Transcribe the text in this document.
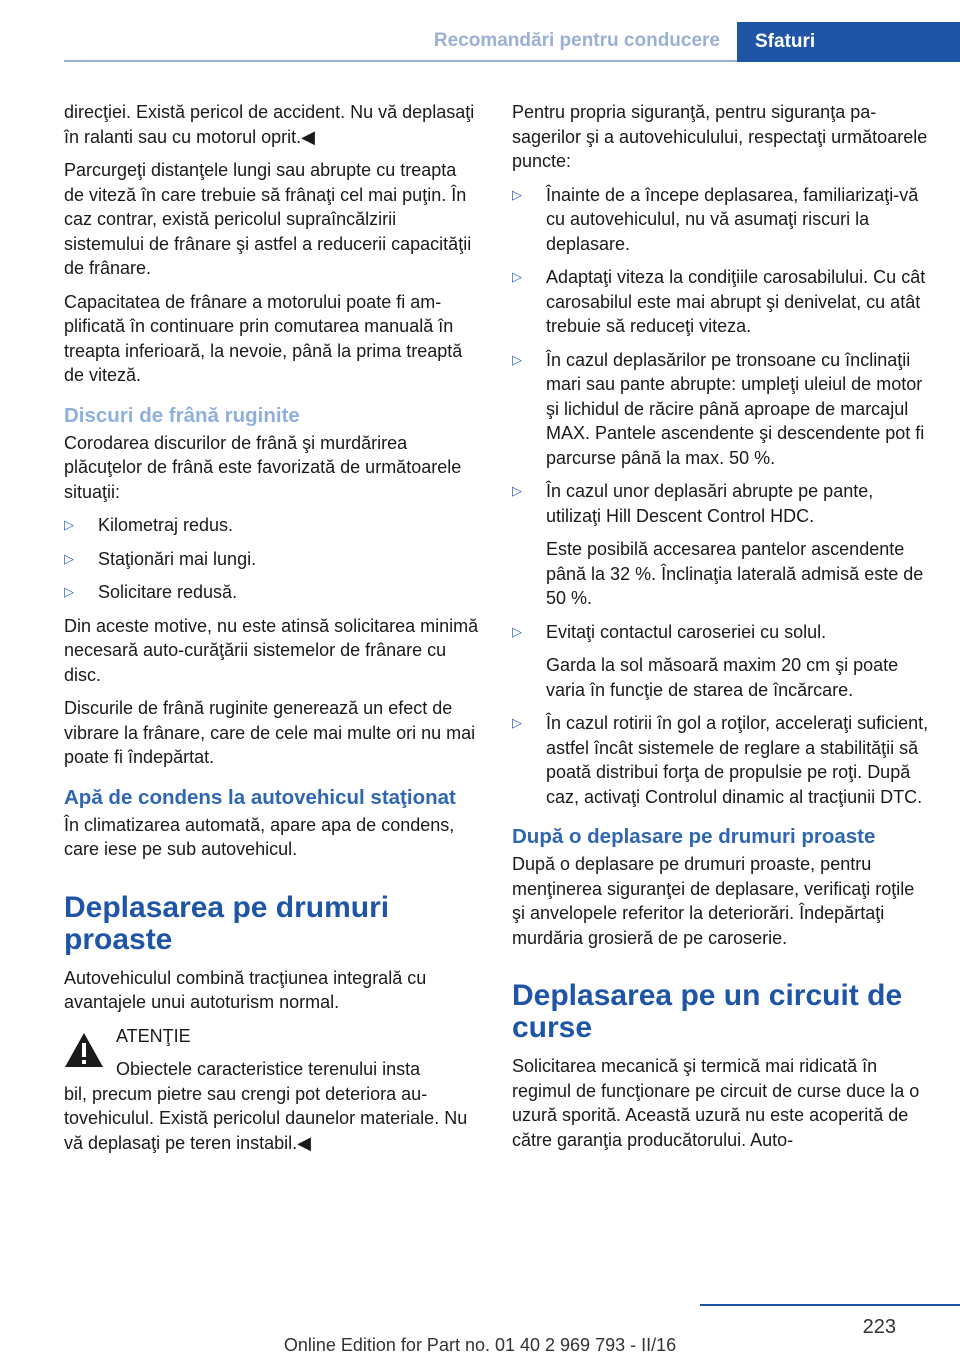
Recomandări pentru conducere	Sfaturi

direcţiei. Există pericol de accident. Nu vă deplasaţi în ralanti sau cu motorul oprit.◀

Parcurgeţi distanţele lungi sau abrupte cu treapta de viteză în care trebuie să frânaţi cel mai puţin. În caz contrar, există pericolul supraîncălzirii sistemului de frânare şi astfel a reducerii capacităţii de frânare.

Capacitatea de frânare a motorului poate fi amplificată în continuare prin comutarea manuală în treapta inferioară, la nevoie, până la prima treaptă de viteză.

Discuri de frână ruginite

Corodarea discurilor de frână şi murdărirea plăcuţelor de frână este favorizată de următoarele situaţii:

▷ Kilometraj redus.
▷ Staţionări mai lungi.
▷ Solicitare redusă.

Din aceste motive, nu este atinsă solicitarea minimă necesară auto-curăţării sistemelor de frânare cu disc.

Discurile de frână ruginite generează un efect de vibrare la frânare, care de cele mai multe ori nu mai poate fi îndepărtat.

Apă de condens la autovehicul staţionat

În climatizarea automată, apare apa de condens, care iese pe sub autovehicul.

Deplasarea pe drumuri proaste

Autovehiculul combină tracţiunea integrală cu avantajele unui autoturism normal.

ATENŢIE
Obiectele caracteristice terenului insta
bil, precum pietre sau crengi pot deteriora autovehiculul. Există pericolul daunelor materiale. Nu vă deplasaţi pe teren instabil.◀

Pentru propria siguranţă, pentru siguranţa pasagerilor şi a autovehiculului, respectaţi următoarele puncte:

▷ Înainte de a începe deplasarea, familiarizaţi-vă cu autovehiculul, nu vă asumaţi riscuri la deplasare.
▷ Adaptaţi viteza la condiţiile carosabilului. Cu cât carosabilul este mai abrupt şi denivelat, cu atât trebuie să reduceţi viteza.
▷ În cazul deplasărilor pe tronsoane cu înclinaţii mari sau pante abrupte: umpleţi uleiul de motor şi lichidul de răcire până aproape de marcajul MAX. Pantele ascendente şi descendente pot fi parcurse până la max. 50 %.
▷ În cazul unor deplasări abrupte pe pante, utilizaţi Hill Descent Control HDC.
Este posibilă accesarea pantelor ascendente până la 32 %. Înclinaţia laterală admisă este de 50 %.
▷ Evitaţi contactul caroseriei cu solul.
Garda la sol măsoară maxim 20 cm şi poate varia în funcţie de starea de încărcare.
▷ În cazul rotirii în gol a roţilor, acceleraţi suficient, astfel încât sistemele de reglare a stabilităţii să poată distribui forţa de propulsie pe roţi. După caz, activaţi Controlul dinamic al tracţiunii DTC.
După o deplasare pe drumuri proaste

După o deplasare pe drumuri proaste, pentru menţinerea siguranţei de deplasare, verificaţi roţile şi anvelopele referitor la deteriorări. Îndepărtaţi murdăria grosieră de pe caroserie.

Deplasarea pe un circuit de curse

Solicitarea mecanică şi termică mai ridicată în regimul de funcţionare pe circuit de curse duce la o uzură sporită. Această uzură nu este acoperită de către garanţia producătorului. Auto-

223
Online Edition for Part no. 01 40 2 969 793 - II/16
